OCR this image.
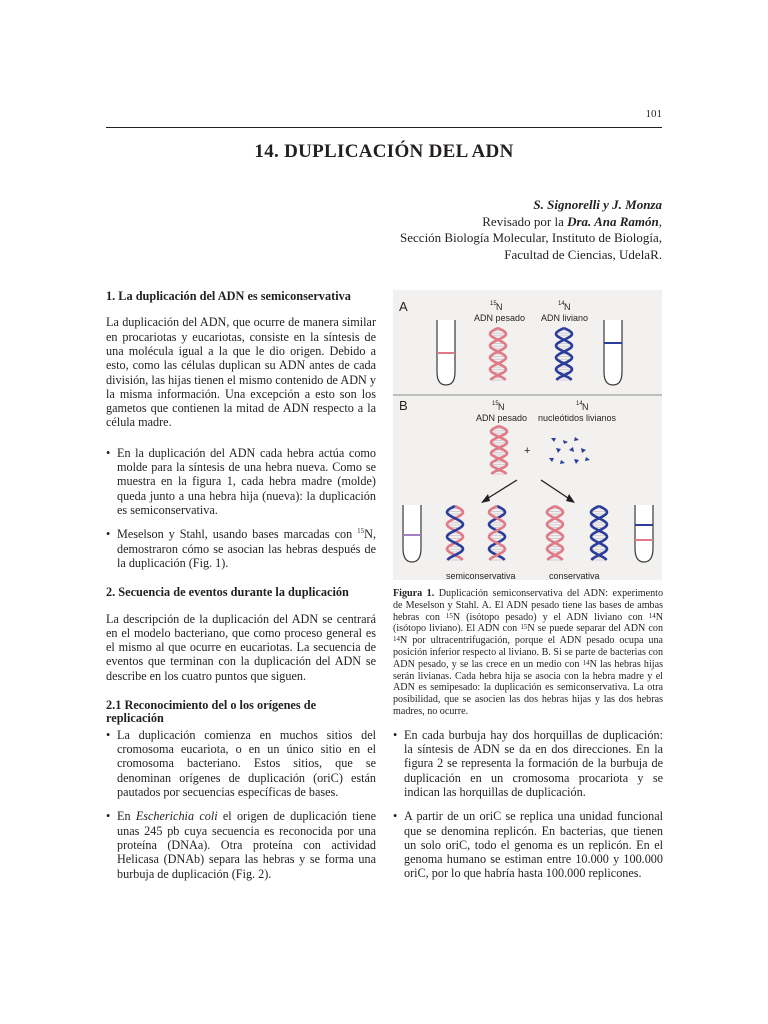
101
14. DUPLICACIÓN DEL ADN
S. Signorelli y J. Monza
Revisado por la Dra. Ana Ramón,
Sección Biología Molecular, Instituto de Biología,
Facultad de Ciencias, UdelaR.
1. La duplicación del ADN es semiconservativa

La duplicación del ADN, que ocurre de manera similar en procariotas y eucariotas, consiste en la síntesis de una molécula igual a la que le dio origen. Debido a esto, como las células duplican su ADN antes de cada división, las hijas tienen el mismo contenido de ADN y la misma información. Una excepción a esto son los gametos que contienen la mitad de ADN respecto a la célula madre.

• En la duplicación del ADN cada hebra actúa como molde para la síntesis de una hebra nueva. Como se muestra en la figura 1, cada hebra madre (molde) queda junto a una hebra hija (nueva): la duplicación es semiconservativa.
• Meselson y Stahl, usando bases marcadas con $^{15}$N, demostraron cómo se asocian las hebras después de la duplicación (Fig. 1).
2. Secuencia de eventos durante la duplicación

La descripción de la duplicación del ADN se centrará en el modelo bacteriano, que como proceso general es el mismo al que ocurre en eucariotas. La secuencia de eventos que terminan con la duplicación del ADN se describe en los cuatro puntos que siguen.

2.1 Reconocimiento del o los orígenes de replicación
• La duplicación comienza en muchos sitios del cromosoma eucariota, o en un único sitio en el cromosoma bacteriano. Estos sitios, que se denominan orígenes de duplicación (oriC) están pautados por secuencias específicas de bases.
• En Escherichia coli el origen de duplicación tiene unas 245 pb cuya secuencia es reconocida por una proteína (DNAa). Otra proteína con actividad Helicasa (DNAb) separa las hebras y se forma una burbuja de duplicación (Fig. 2).
A
B
15 N
ADN pesado
14 N
ADN liviano
15 N
ADN pesado
14 N
nucleótidos livianos
+
semiconservativa	conservativa
Figura 1. Duplicación semiconservativa del ADN: experimento de Meselson y Stahl. A. El ADN pesado tiene las bases de ambas hebras con $^{15}$N (isótopo pesado) y el ADN liviano con $^{14}$N (isótopo liviano). El ADN con $^{15}$N se puede separar del ADN con $^{14}$N por ultracentrifugación, porque el ADN pesado ocupa una posición inferior respecto al liviano. B. Si se parte de bacterias con ADN pesado, y se las crece en un medio con $^{14}$N las hebras hijas serán livianas. Cada hebra hija se asocia con la hebra madre y el ADN es semipesado: la duplicación es semiconservativa. La otra posibilidad, que se asocien las dos hebras hijas y las dos hebras madres, no ocurre.
• En cada burbuja hay dos horquillas de duplicación: la síntesis de ADN se da en dos direcciones. En la figura 2 se representa la formación de la burbuja de duplicación en un cromosoma procariota y se indican las horquillas de duplicación.
• A partir de un oriC se replica una unidad funcional que se denomina replicón. En bacterias, que tienen un solo oriC, todo el genoma es un replicón. En el genoma humano se estiman entre 10.000 y 100.000 oriC, por lo que habría hasta 100.000 replicones.
